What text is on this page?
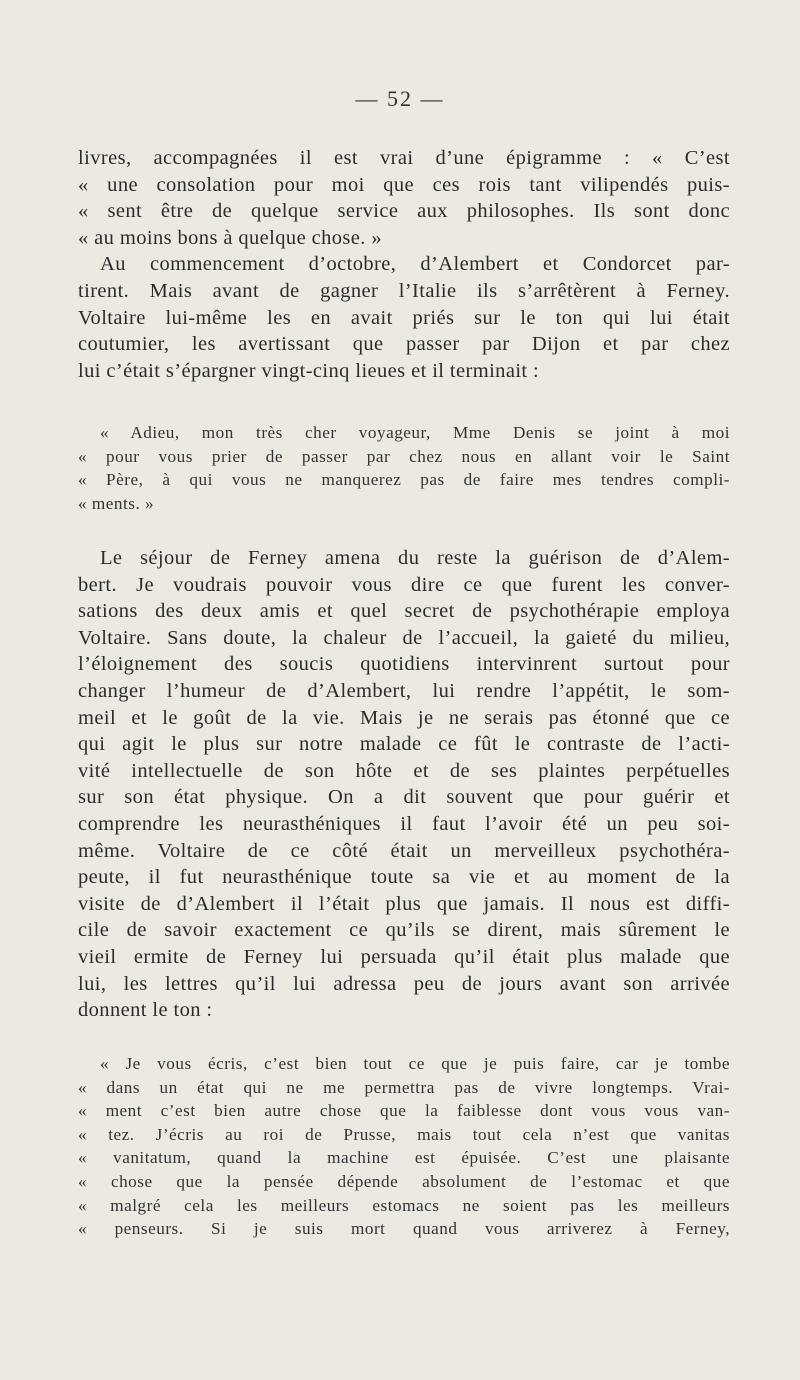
— 52 —
livres, accompagnées il est vrai d’une épigramme : « C’est
« une consolation pour moi que ces rois tant vilipendés puis-
« sent être de quelque service aux philosophes. Ils sont donc
« au moins bons à quelque chose. »
Au commencement d’octobre, d’Alembert et Condorcet par-
tirent. Mais avant de gagner l’Italie ils s’arrêtèrent à Ferney.
Voltaire lui-même les en avait priés sur le ton qui lui était
coutumier, les avertissant que passer par Dijon et par chez
lui c’était s’épargner vingt-cinq lieues et il terminait :
« Adieu, mon très cher voyageur, Mme Denis se joint à moi
« pour vous prier de passer par chez nous en allant voir le Saint
« Père, à qui vous ne manquerez pas de faire mes tendres compli-
« ments. »
Le séjour de Ferney amena du reste la guérison de d’Alem-
bert. Je voudrais pouvoir vous dire ce que furent les conver-
sations des deux amis et quel secret de psychothérapie employa
Voltaire. Sans doute, la chaleur de l’accueil, la gaieté du milieu,
l’éloignement des soucis quotidiens intervinrent surtout pour
changer l’humeur de d’Alembert, lui rendre l’appétit, le som-
meil et le goût de la vie. Mais je ne serais pas étonné que ce
qui agit le plus sur notre malade ce fût le contraste de l’acti-
vité intellectuelle de son hôte et de ses plaintes perpétuelles
sur son état physique. On a dit souvent que pour guérir et
comprendre les neurasthéniques il faut l’avoir été un peu soi-
même. Voltaire de ce côté était un merveilleux psychothéra-
peute, il fut neurasthénique toute sa vie et au moment de la
visite de d’Alembert il l’était plus que jamais. Il nous est diffi-
cile de savoir exactement ce qu’ils se dirent, mais sûrement le
vieil ermite de Ferney lui persuada qu’il était plus malade que
lui, les lettres qu’il lui adressa peu de jours avant son arrivée
donnent le ton :
« Je vous écris, c’est bien tout ce que je puis faire, car je tombe
« dans un état qui ne me permettra pas de vivre longtemps. Vrai-
« ment c’est bien autre chose que la faiblesse dont vous vous van-
« tez. J’écris au roi de Prusse, mais tout cela n’est que vanitas
« vanitatum, quand la machine est épuisée. C’est une plaisante
« chose que la pensée dépende absolument de l’estomac et que
« malgré cela les meilleurs estomacs ne soient pas les meilleurs
« penseurs. Si je suis mort quand vous arriverez à Ferney,
